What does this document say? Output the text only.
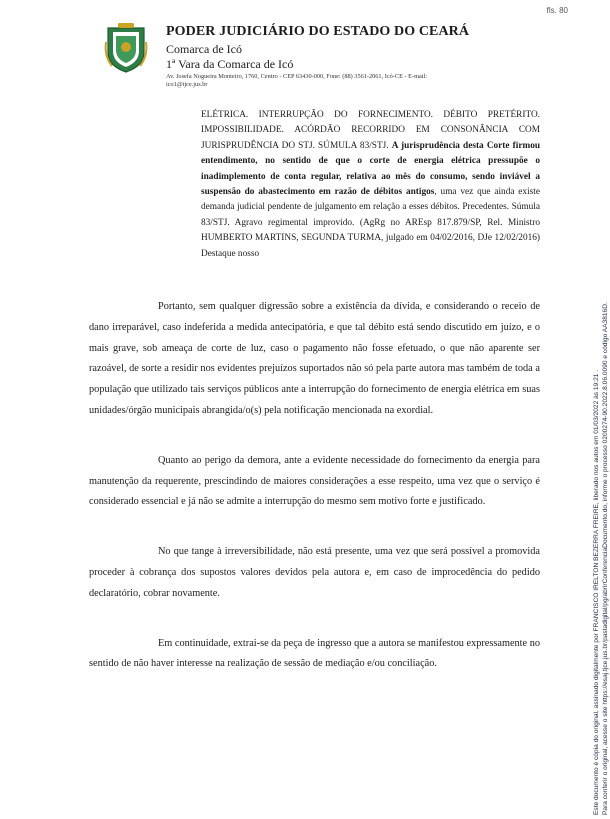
fls. 80
PODER JUDICIÁRIO DO ESTADO DO CEARÁ
Comarca de Icó
1ª Vara da Comarca de Icó
Av. Josefa Nogueira Monteiro, 1760, Centro - CEP 63430-000, Fone: (88) 3561-2061, Icó-CE - E-mail:
ico1@tjce.jus.br

ELÉTRICA. INTERRUPÇÃO DO FORNECIMENTO. DÉBITO PRETÉRITO. IMPOSSIBILIDADE. ACÓRDÃO RECORRIDO EM CONSONÂNCIA COM JURISPRUDÊNCIA DO STJ. SÚMULA 83/STJ. A jurisprudência desta Corte firmou entendimento, no sentido de que o corte de energia elétrica pressupõe o inadimplemento de conta regular, relativa ao mês do consumo, sendo inviável a suspensão do abastecimento em razão de débitos antigos, uma vez que ainda existe demanda judicial pendente de julgamento em relação a esses débitos. Precedentes. Súmula 83/STJ. Agravo regimental improvido. (AgRg no AREsp 817.879/SP, Rel. Ministro HUMBERTO MARTINS, SEGUNDA TURMA, julgado em 04/02/2016, DJe 12/02/2016) Destaque nosso

Portanto, sem qualquer digressão sobre a existência da dívida, e considerando o receio de dano irreparável, caso indeferida a medida antecipatória, e que tal débito está sendo discutido em juízo, e o mais grave, sob ameaça de corte de luz, caso o pagamento não fosse efetuado, o que não aparente ser razoável, de sorte a residir nos evidentes prejuízos suportados não só pela parte autora mas também de toda a população que utilizado tais serviços públicos ante a interrupção do fornecimento de energia elétrica em suas unidades/órgão municipais abrangida/o(s) pela notificação mencionada na exordial.

Quanto ao perigo da demora, ante a evidente necessidade do fornecimento da energia para manutenção da requerente, prescindindo de maiores considerações a esse respeito, uma vez que o serviço é considerado essencial e já não se admite a interrupção do mesmo sem motivo forte e justificado.

No que tange à irreversibilidade, não está presente, uma vez que será possível a promovida proceder à cobrança dos supostos valores devidos pela autora e, em caso de improcedência do pedido declaratório, cobrar novamente.

Em continuidade, extrai-se da peça de ingresso que a autora se manifestou expressamente no sentido de não haver interesse na realização de sessão de mediação e/ou conciliação.	Este documento é cópia do original, assinado digitalmente por FRANCISCO IRELTON BEZERRA FREIRE, liberado nos autos em 01/03/2022 às 19:21 . Para conferir o original, acesse o site https://esaj.tjce.jus.br/pastadigital/pg/abrirConferenciaDocumento.do, informe o processo 0200274-90.2022.8.06.0090 e código AA3816D.
